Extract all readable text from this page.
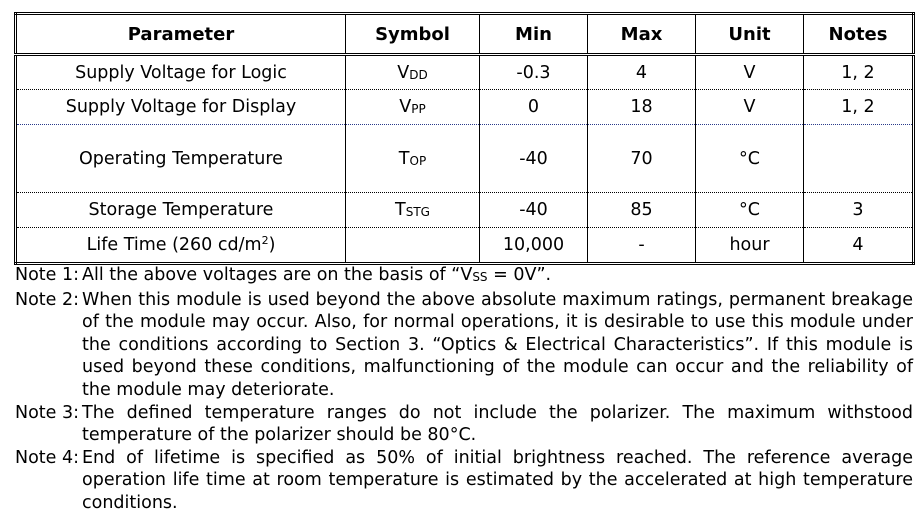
Parameter	Symbol	Min	Max	Unit	Notes
Supply Voltage for Logic	$V_{DD}$	-0.3	4	V	1, 2
Supply Voltage for Display	$V_{PP}$	0	18	V	1, 2
Operating Temperature	$T_{OP}$	-40	70	°C	
Storage Temperature	$T_{STG}$	-40	85	°C	3
Life Time (260 $cd/m^2$)		10,000	-	hour	4
Note 1: All the above voltages are on the basis of “VSS = 0V”.
Note 2: When this module is used beyond the above absolute maximum ratings, permanent breakage of the module may occur. Also, for normal operations, it is desirable to use this module under the conditions according to Section 3. “Optics & Electrical Characteristics”. If this module is used beyond these conditions, malfunctioning of the module can occur and the reliability of the module may deteriorate.
Note 3: The defined temperature ranges do not include the polarizer. The maximum withstood temperature of the polarizer should be 80°C.
Note 4: End of lifetime is specified as 50% of initial brightness reached. The reference average operation life time at room temperature is estimated by the accelerated at high temperature conditions.
